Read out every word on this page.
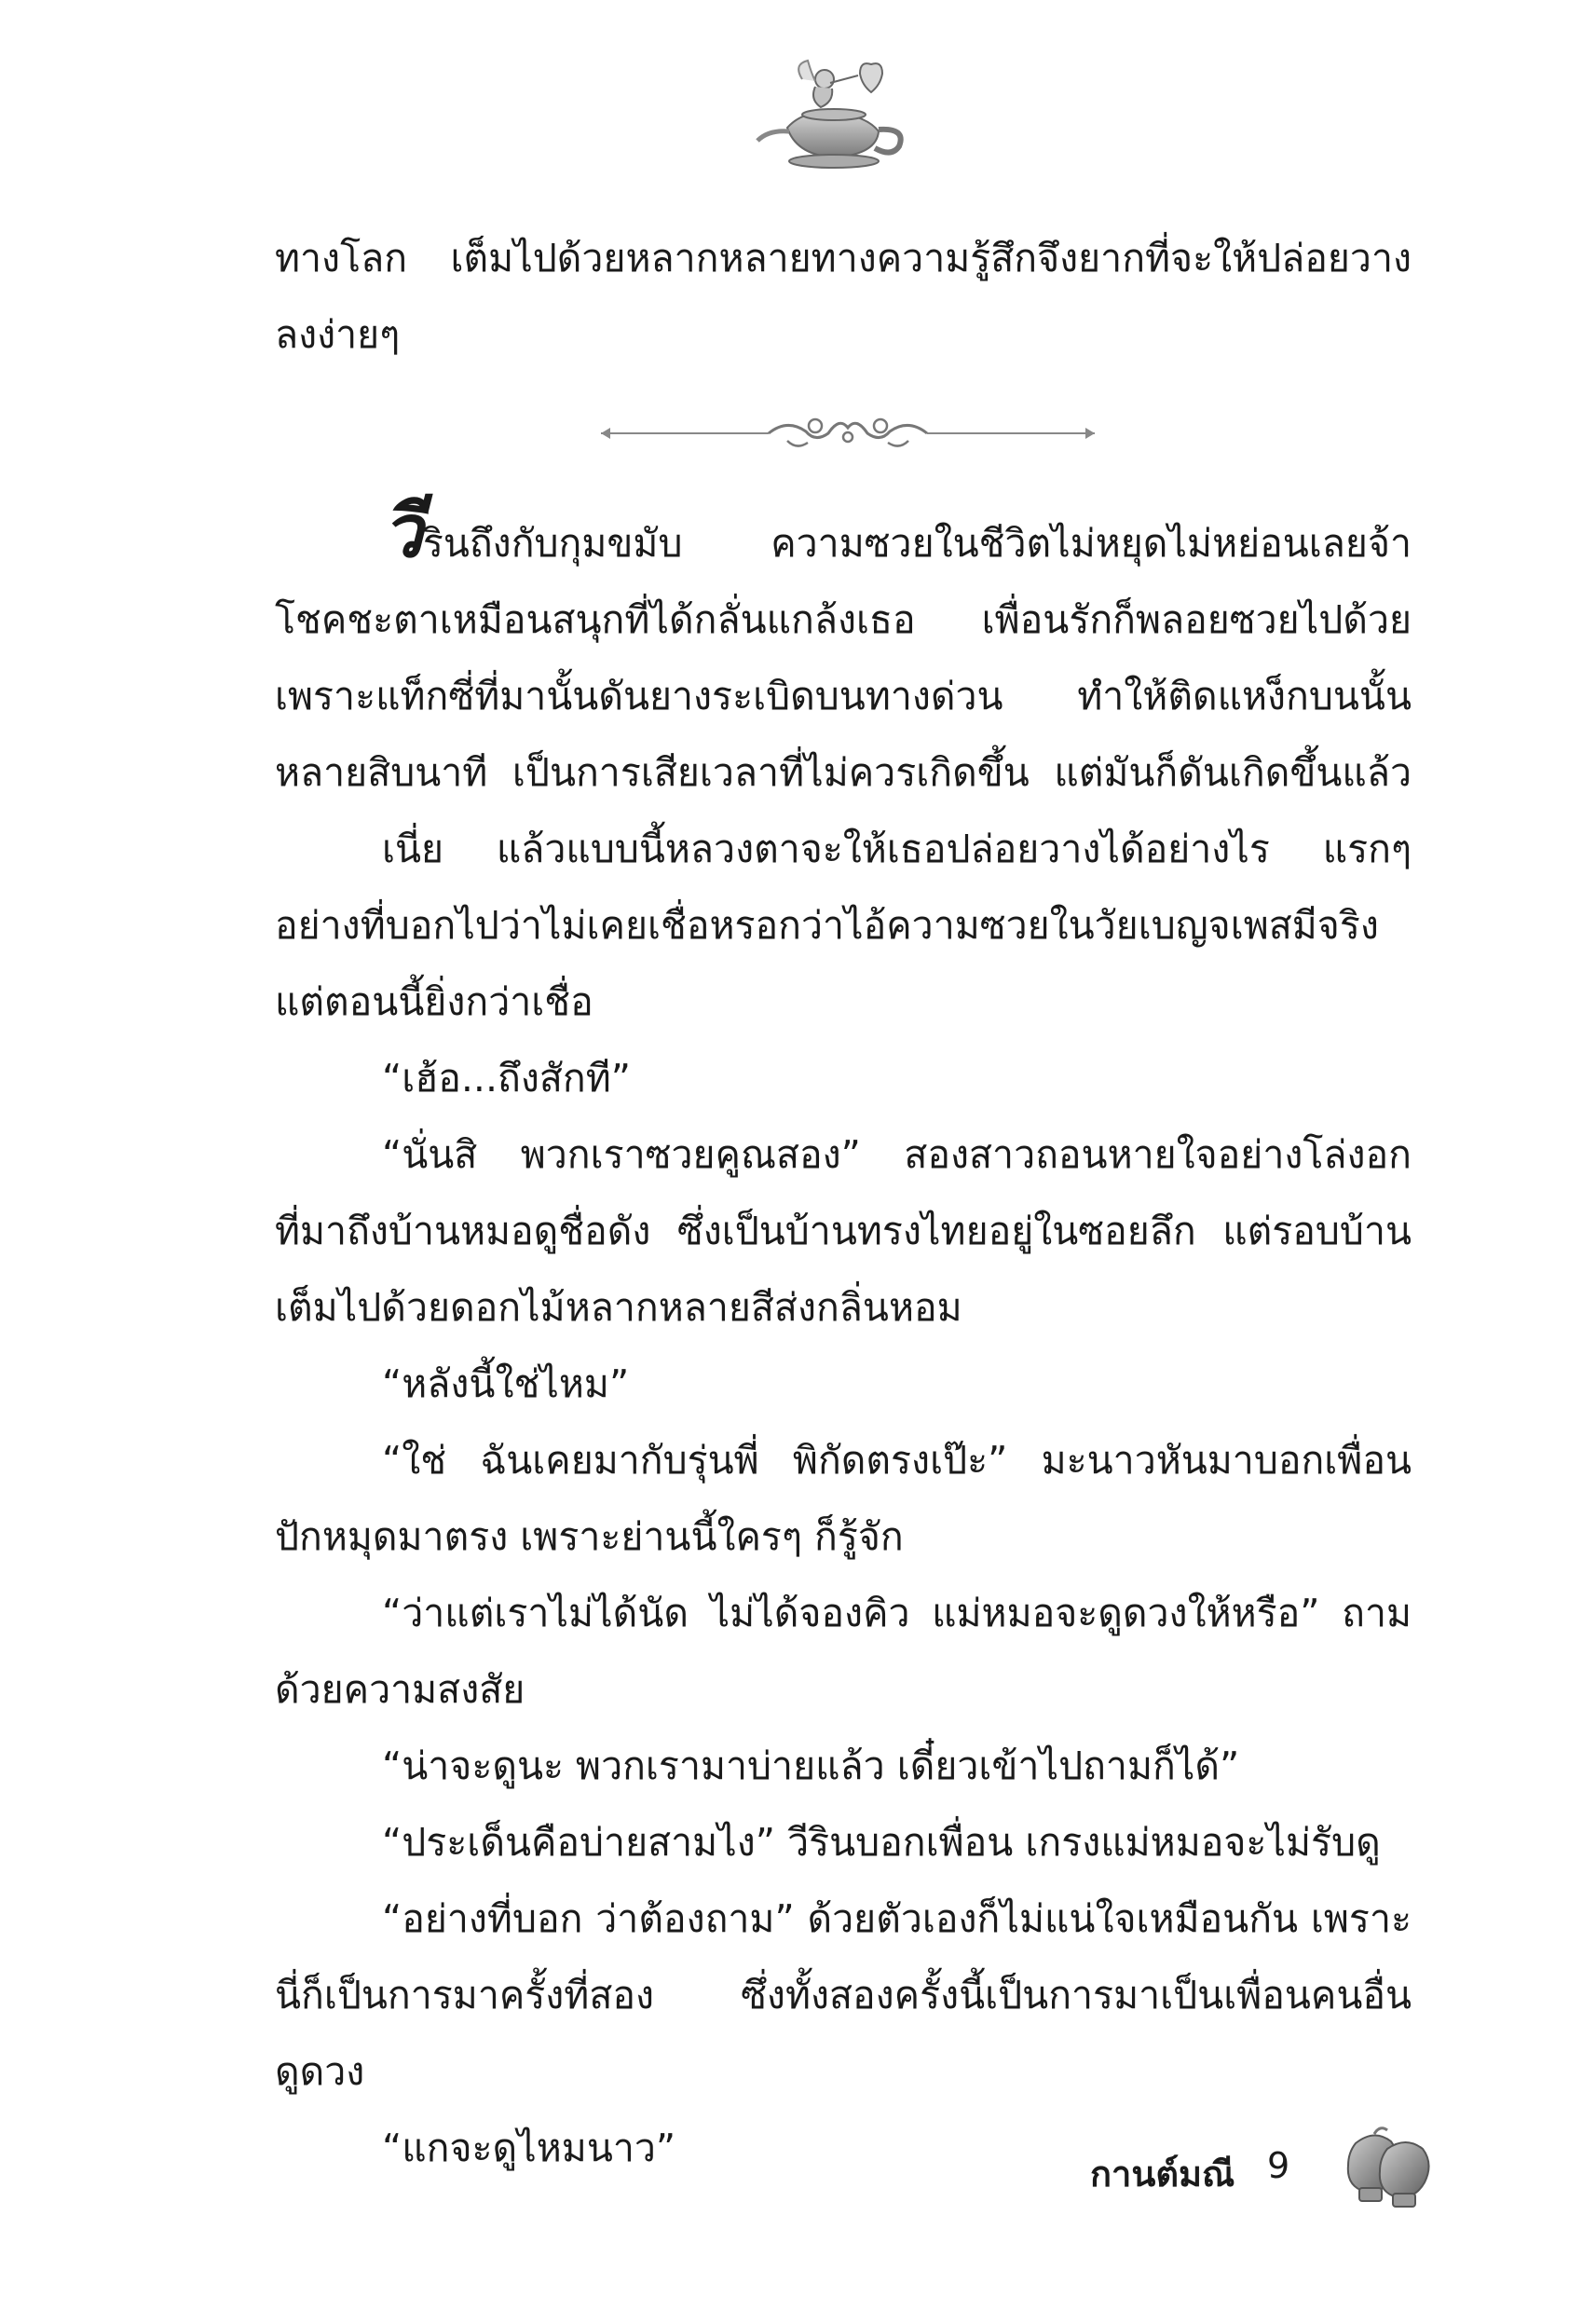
ทางโลก เต็มไปด้วยหลากหลายทางความรู้สึกจึงยากที่จะให้ปล่อยวาง
ลงง่ายๆ
วีรินถึงกับกุมขมับ ความซวยในชีวิตไม่หยุดไม่หย่อนเลยจ้า
โชคชะตาเหมือนสนุกที่ได้กลั่นแกล้งเธอ เพื่อนรักก็พลอยซวยไปด้วย
เพราะแท็กซี่ที่มานั้นดันยางระเบิดบนทางด่วน ทำให้ติดแหง็กบนนั้น
หลายสิบนาที เป็นการเสียเวลาที่ไม่ควรเกิดขึ้น แต่มันก็ดันเกิดขึ้นแล้ว
เนี่ย แล้วแบบนี้หลวงตาจะให้เธอปล่อยวางได้อย่างไร แรกๆ
อย่างที่บอกไปว่าไม่เคยเชื่อหรอกว่าไอ้ความซวยในวัยเบญจเพสมีจริง
แต่ตอนนี้ยิ่งกว่าเชื่อ
“เฮ้อ...ถึงสักที”
“นั่นสิ พวกเราซวยคูณสอง” สองสาวถอนหายใจอย่างโล่งอก
ที่มาถึงบ้านหมอดูชื่อดัง ซึ่งเป็นบ้านทรงไทยอยู่ในซอยลึก แต่รอบบ้าน
เต็มไปด้วยดอกไม้หลากหลายสีส่งกลิ่นหอม
“หลังนี้ใช่ไหม”
“ใช่ ฉันเคยมากับรุ่นพี่ พิกัดตรงเป๊ะ” มะนาวหันมาบอกเพื่อน
ปักหมุดมาตรง เพราะย่านนี้ใครๆ ก็รู้จัก
“ว่าแต่เราไม่ได้นัด ไม่ได้จองคิว แม่หมอจะดูดวงให้หรือ” ถาม
ด้วยความสงสัย
“น่าจะดูนะ พวกเรามาบ่ายแล้ว เดี๋ยวเข้าไปถามก็ได้”
“ประเด็นคือบ่ายสามไง” วีรินบอกเพื่อน เกรงแม่หมอจะไม่รับดู
“อย่างที่บอก ว่าต้องถาม” ด้วยตัวเองก็ไม่แน่ใจเหมือนกัน เพราะ
นี่ก็เป็นการมาครั้งที่สอง ซึ่งทั้งสองครั้งนี้เป็นการมาเป็นเพื่อนคนอื่น
ดูดวง
“แกจะดูไหมนาว”
กานต์มณี 9
